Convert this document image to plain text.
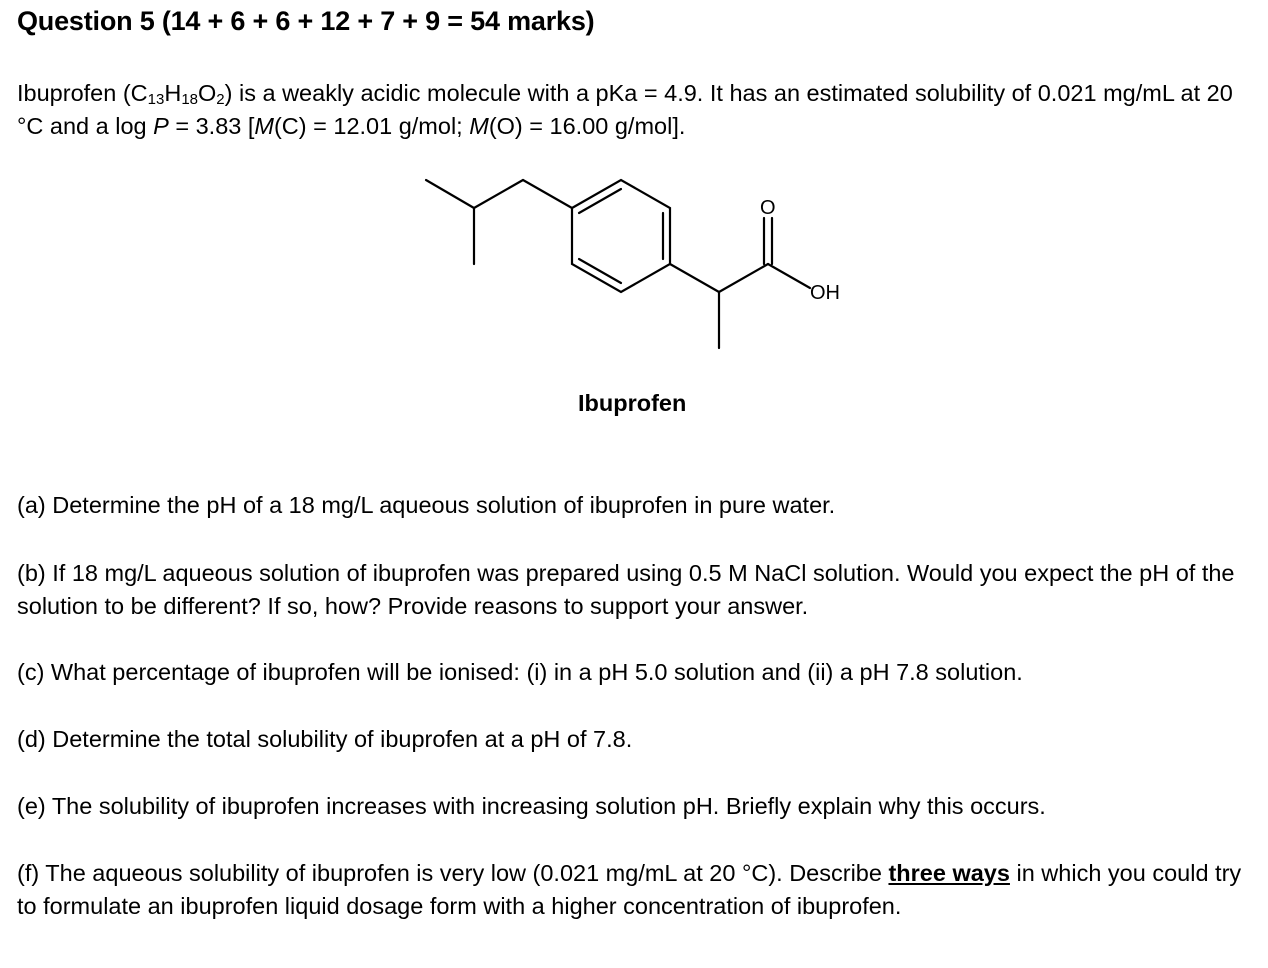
Question 5 (14 + 6 + 6 + 12 + 7 + 9 = 54 marks)
Ibuprofen $(C_{13}H_{18}O_2)$ is a weakly acidic molecule with a pKa = 4.9. It has an estimated solubility of 0.021 mg/mL at 20 °C and a log P = 3.83 [M(C) = 12.01 g/mol; M(O) = 16.00 g/mol].
O
OH
Ibuprofen
(a) Determine the pH of a 18 mg/L aqueous solution of ibuprofen in pure water.
(b) If 18 mg/L aqueous solution of ibuprofen was prepared using 0.5 M NaCl solution. Would you expect the pH of the solution to be different? If so, how? Provide reasons to support your answer.
(c) What percentage of ibuprofen will be ionised: (i) in a pH 5.0 solution and (ii) a pH 7.8 solution.
(d) Determine the total solubility of ibuprofen at a pH of 7.8.
(e) The solubility of ibuprofen increases with increasing solution pH. Briefly explain why this occurs.
(f) The aqueous solubility of ibuprofen is very low (0.021 mg/mL at 20 °C). Describe three ways in which you could try to formulate an ibuprofen liquid dosage form with a higher concentration of ibuprofen.
